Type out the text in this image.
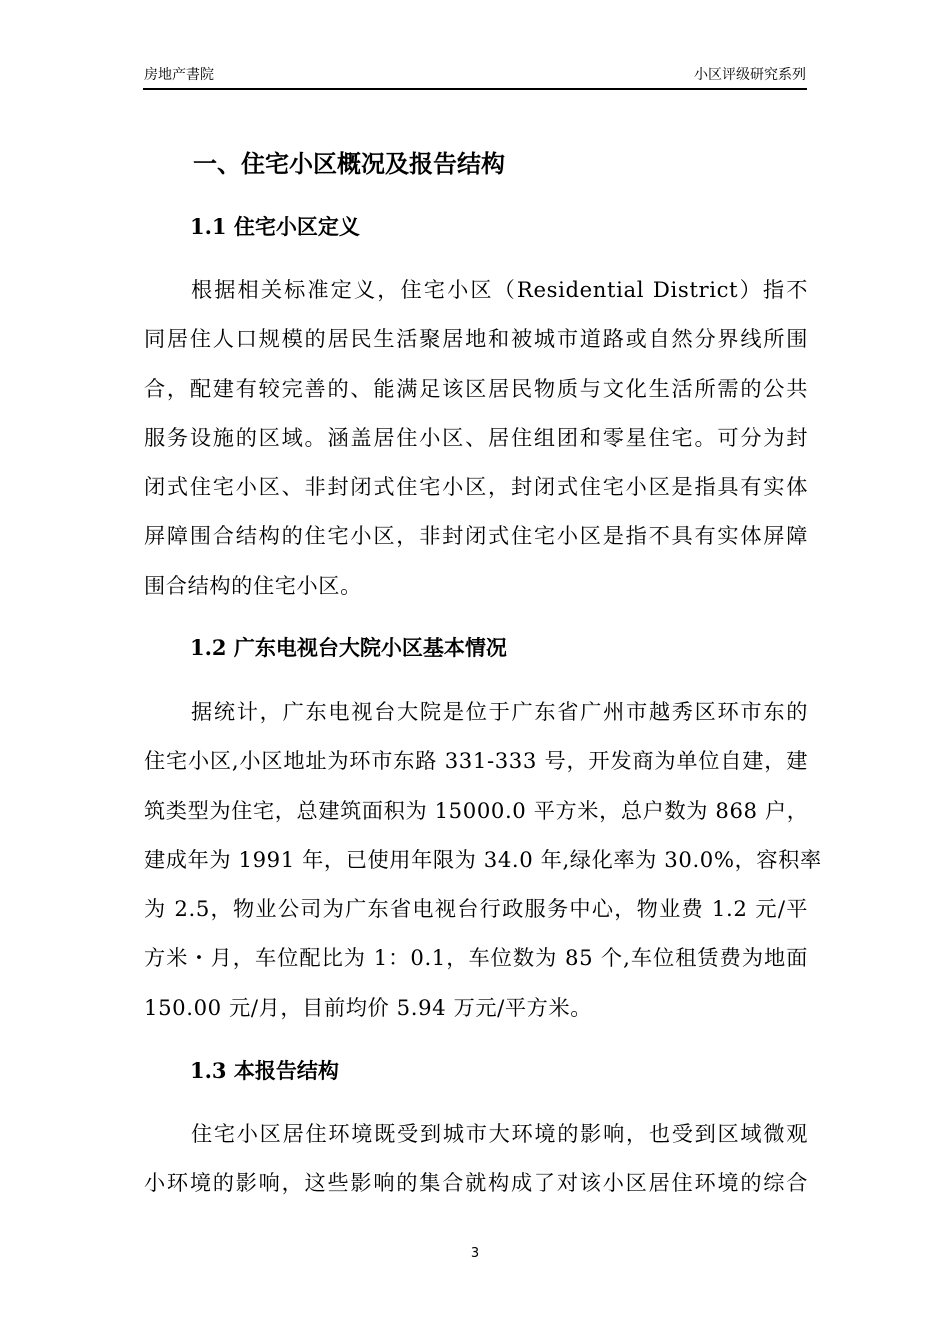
房地产書院	小区评级研究系列
一、住宅小区概况及报告结构
1.1 住宅小区定义
根据相关标准定义，住宅小区（Residential District）指不
同居住人口规模的居民生活聚居地和被城市道路或自然分界线所围
合，配建有较完善的、能满足该区居民物质与文化生活所需的公共
服务设施的区域。涵盖居住小区、居住组团和零星住宅。可分为封
闭式住宅小区、非封闭式住宅小区，封闭式住宅小区是指具有实体
屏障围合结构的住宅小区，非封闭式住宅小区是指不具有实体屏障
围合结构的住宅小区。
1.2 广东电视台大院小区基本情况
据统计，广东电视台大院是位于广东省广州市越秀区环市东的
住宅小区,小区地址为环市东路 331-333 号，开发商为单位自建，建
筑类型为住宅，总建筑面积为 15000.0 平方米，总户数为 868 户，
建成年为 1991 年，已使用年限为 34.0 年,绿化率为 30.0%，容积率
为 2.5，物业公司为广东省电视台行政服务中心，物业费 1.2 元/平
方米・月，车位配比为 1：0.1，车位数为 85 个,车位租赁费为地面
150.00 元/月，目前均价 5.94 万元/平方米。
1.3 本报告结构
住宅小区居住环境既受到城市大环境的影响，也受到区域微观
小环境的影响，这些影响的集合就构成了对该小区居住环境的综合
3
